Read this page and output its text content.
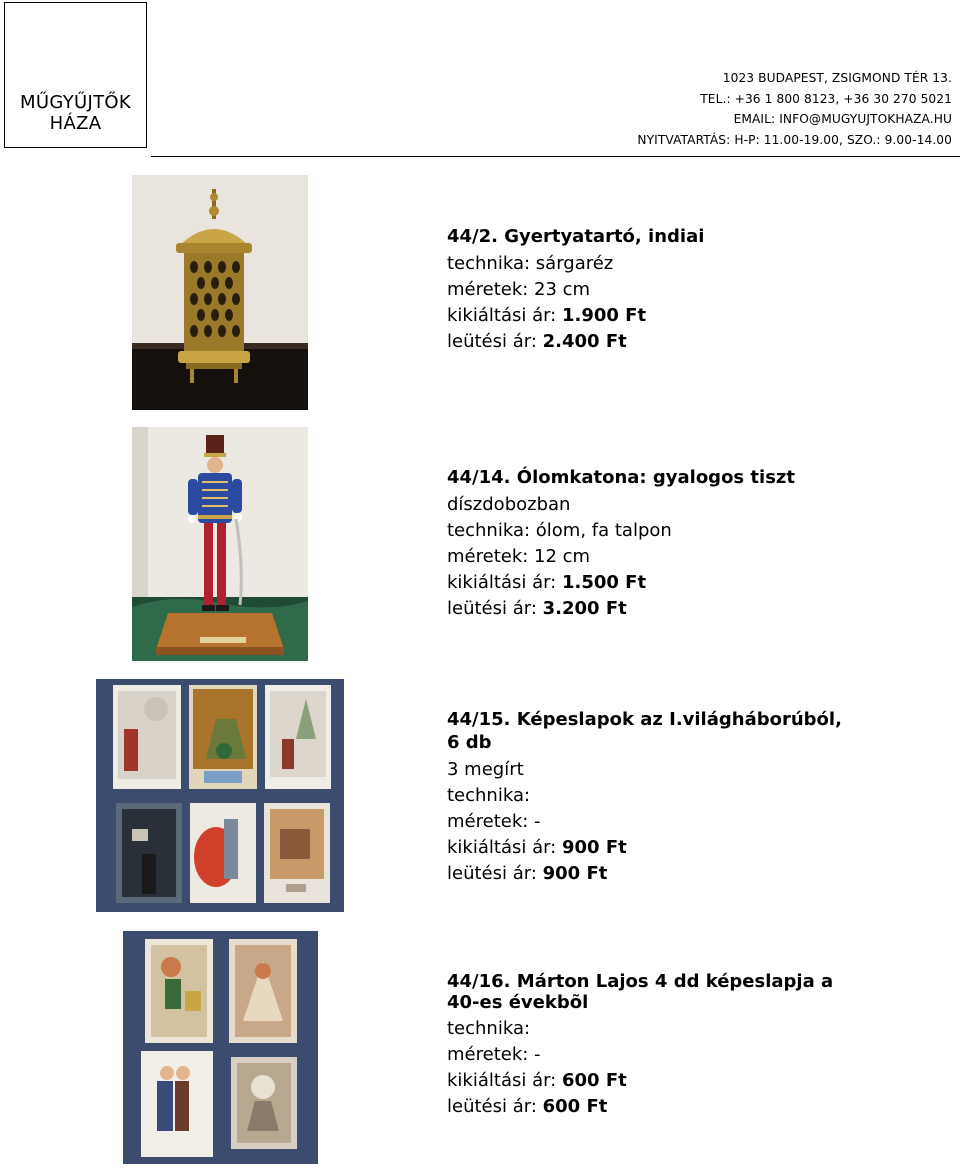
MŰGYŰJTŐK
HÁZA
1023 BUDAPEST, ZSIGMOND TÉR 13.
TEL.: +36 1 800 8123, +36 30 270 5021
EMAIL: INFO@MUGYUJTOKHAZA.HU
NYITVATARTÁS: H-P: 11.00-19.00, SZO.: 9.00-14.00
44/2. Gyertyatartó, indiai
technika: sárgaréz
méretek: 23 cm
kikiáltási ár: 1.900 Ft
leütési ár: 2.400 Ft
44/14. Ólomkatona: gyalogos tiszt
díszdobozban
technika: ólom, fa talpon
méretek: 12 cm
kikiáltási ár: 1.500 Ft
leütési ár: 3.200 Ft
44/15. Képeslapok az I.világháborúból,
6 db
3 megírt
technika:
méretek: -
kikiáltási ár: 900 Ft
leütési ár: 900 Ft
44/16. Márton Lajos 4 dd képeslapja a
40-es évekbõl
technika:
méretek: -
kikiáltási ár: 600 Ft
leütési ár: 600 Ft
